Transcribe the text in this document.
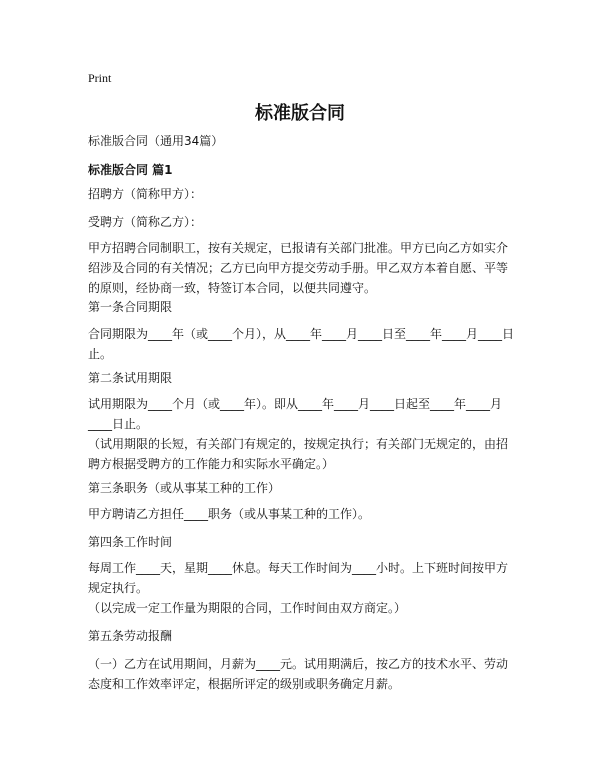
Print
标准版合同

标准版合同（通用34篇）

标准版合同 篇1

招聘方（简称甲方）：

受聘方（简称乙方）：

甲方招聘合同制职工，按有关规定，已报请有关部门批准。甲方已向乙方如实介绍涉及合同的有关情况；乙方已向甲方提交劳动手册。甲乙双方本着自愿、平等的原则，经协商一致，特签订本合同，以便共同遵守。

第一条合同期限

合同期限为____年（或____个月），从____年____月____日至____年____月____日止。

第二条试用期限

试用期限为____个月（或____年）。即从____年____月____日起至____年____月____日止。

（试用期限的长短，有关部门有规定的，按规定执行；有关部门无规定的，由招聘方根据受聘方的工作能力和实际水平确定。）

第三条职务（或从事某工种的工作）

甲方聘请乙方担任____职务（或从事某工种的工作）。

第四条工作时间

每周工作____天，星期____休息。每天工作时间为____小时。上下班时间按甲方规定执行。

（以完成一定工作量为期限的合同，工作时间由双方商定。）

第五条劳动报酬

（一）乙方在试用期间，月薪为____元。试用期满后，按乙方的技术水平、劳动态度和工作效率评定，根据所评定的级别或职务确定月薪。
